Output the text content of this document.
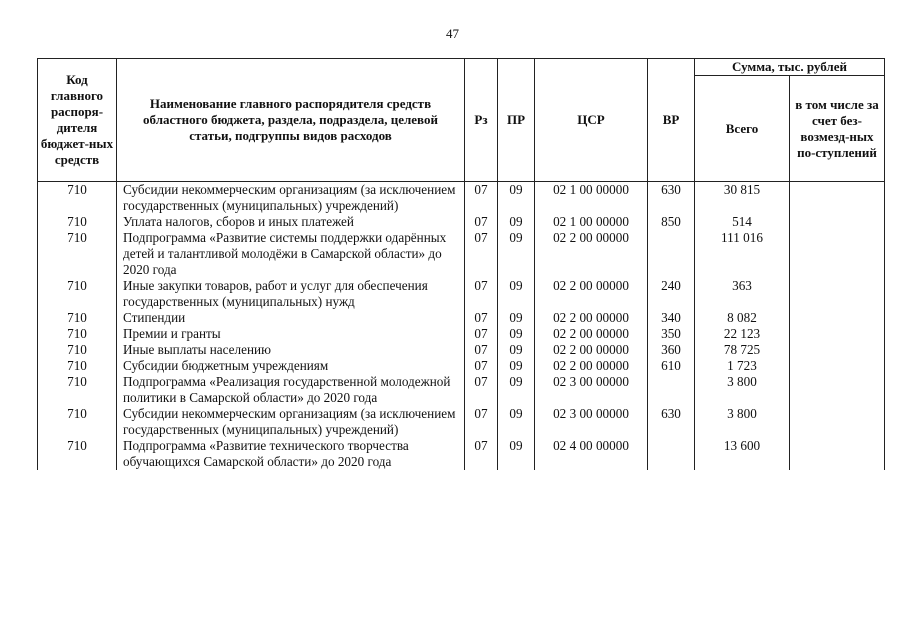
47
Код главного распоря-дителя бюджет-ных средств	Наименование главного распорядителя средств областного бюджета, раздела, подраздела, целевой статьи, подгруппы видов расходов	Рз	ПР	ЦСР	ВР	Сумма, тыс. рублей	
						Всего	в том числе за счет без-возмезд-ных по-ступлений
710	Субсидии некоммерческим организациям (за исключением государственных (муниципальных) учреждений)	07	09	02 1 00 00000	630	30 815	
710	Уплата налогов, сборов и иных платежей	07	09	02 1 00 00000	850	514	
710	Подпрограмма «Развитие системы поддержки одарённых детей и талантливой молодёжи в Самарской области» до 2020 года	07	09	02 2 00 00000		111 016	
710	Иные закупки товаров, работ и услуг для обеспечения государственных (муниципальных) нужд	07	09	02 2 00 00000	240	363	
710	Стипендии	07	09	02 2 00 00000	340	8 082	
710	Премии и гранты	07	09	02 2 00 00000	350	22 123	
710	Иные выплаты населению	07	09	02 2 00 00000	360	78 725	
710	Субсидии бюджетным учреждениям	07	09	02 2 00 00000	610	1 723	
710	Подпрограмма «Реализация государственной молодежной политики в Самарской области» до 2020 года	07	09	02 3 00 00000		3 800	
710	Субсидии некоммерческим организациям (за исключением государственных (муниципальных) учреждений)	07	09	02 3 00 00000	630	3 800	
710	Подпрограмма «Развитие технического творчества обучающихся Самарской области» до 2020 года	07	09	02 4 00 00000		13 600	
